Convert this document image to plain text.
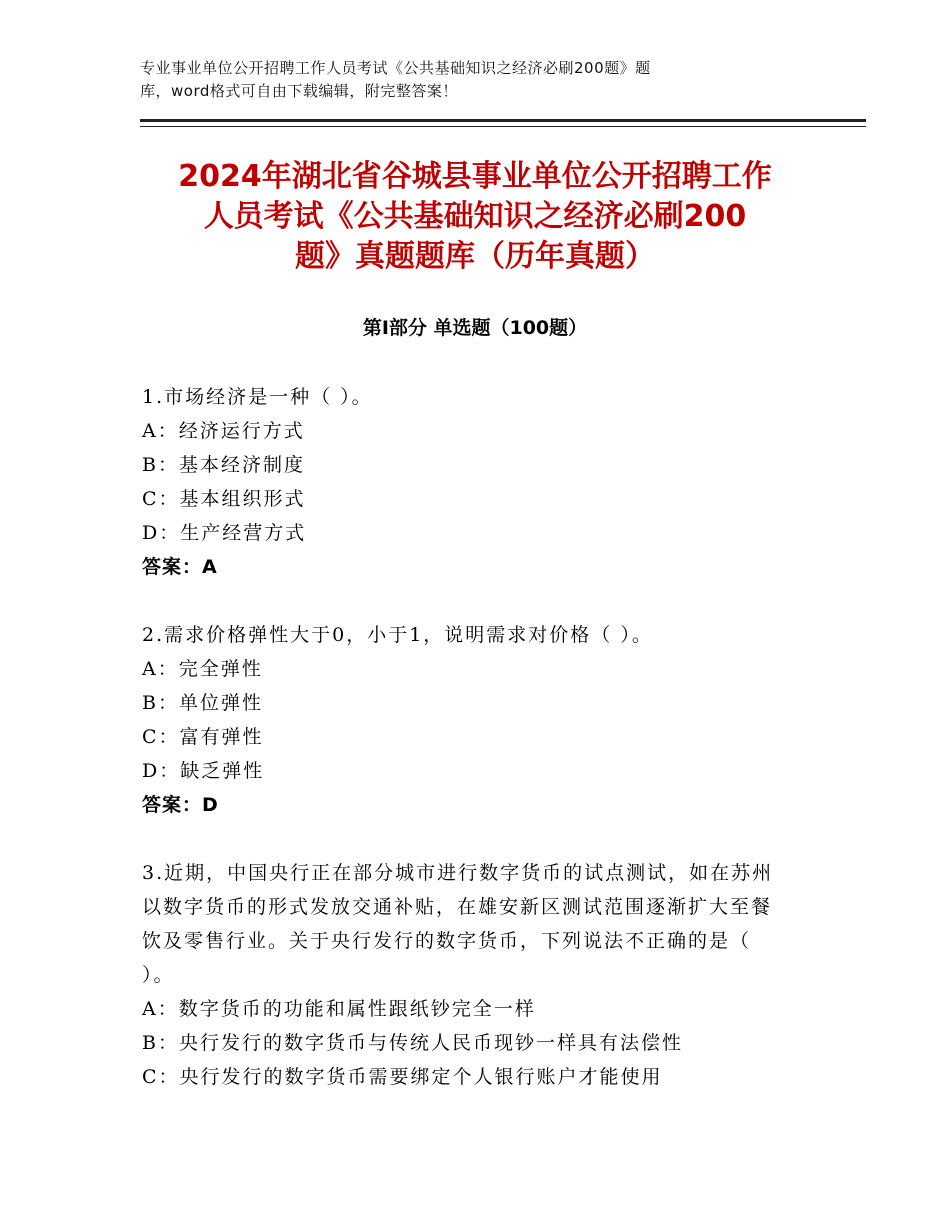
专业事业单位公开招聘工作人员考试《公共基础知识之经济必刷200题》题
库，word格式可自由下载编辑，附完整答案！
2024年湖北省谷城县事业单位公开招聘工作
人员考试《公共基础知识之经济必刷200
题》真题题库（历年真题）
第Ⅰ部分 单选题（100题）

1.市场经济是一种（ ）。

A：经济运行方式

B：基本经济制度

C：基本组织形式

D：生产经营方式

答案：A

2.需求价格弹性大于0，小于1，说明需求对价格（ ）。

A：完全弹性

B：单位弹性

C：富有弹性

D：缺乏弹性

答案：D

3.近期，中国央行正在部分城市进行数字货币的试点测试，如在苏州

以数字货币的形式发放交通补贴，在雄安新区测试范围逐渐扩大至餐

饮及零售行业。关于央行发行的数字货币，下列说法不正确的是（

）。

A：数字货币的功能和属性跟纸钞完全一样

B：央行发行的数字货币与传统人民币现钞一样具有法偿性

C：央行发行的数字货币需要绑定个人银行账户才能使用
